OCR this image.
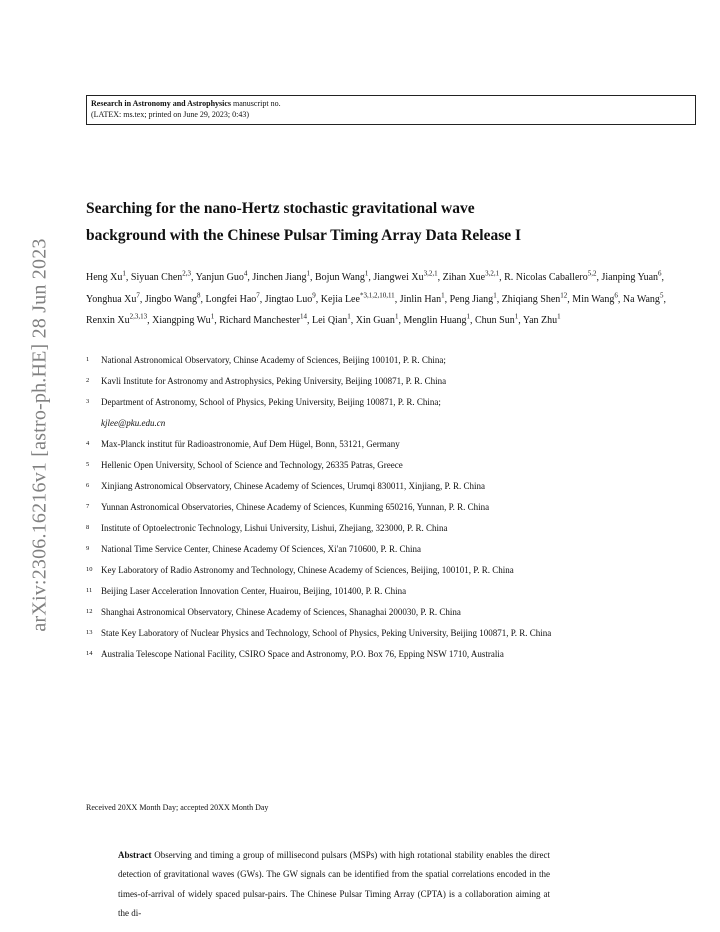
arXiv:2306.16216v1 [astro-ph.HE] 28 Jun 2023
Research in Astronomy and Astrophysics manuscript no.
(LATEX: ms.tex; printed on June 29, 2023; 0:43)
Searching for the nano-Hertz stochastic gravitational wave
background with the Chinese Pulsar Timing Array Data Release I
Heng Xu$^1$, Siyuan Chen$^{2,3}$, Yanjun Guo$^4$, Jinchen Jiang$^1$, Bojun Wang$^1$, Jiangwei Xu$^{3,2,1}$, Zihan Xue$^{3,2,1}$, R. Nicolas Caballero$^{5,2}$, Jianping Yuan$^6$, Yonghua Xu$^7$, Jingbo Wang$^8$, Longfei Hao$^7$, Jingtao Luo$^9$, Kejia Lee$^{*3,1,2,10,11}$, Jinlin Han$^1$, Peng Jiang$^1$, Zhiqiang Shen$^{12}$, Min Wang$^6$, Na Wang$^5$, Renxin Xu$^{2,3,13}$, Xiangping Wu$^1$, Richard Manchester$^{14}$, Lei Qian$^1$, Xin Guan$^1$, Menglin Huang$^1$, Chun Sun$^1$, Yan Zhu$^1$
1 National Astronomical Observatory, Chinse Academy of Sciences, Beijing 100101, P. R. China;
2 Kavli Institute for Astronomy and Astrophysics, Peking University, Beijing 100871, P. R. China
3 Department of Astronomy, School of Physics, Peking University, Beijing 100871, P. R. China;
kjlee@pku.edu.cn
4 Max-Planck institut für Radioastronomie, Auf Dem Hügel, Bonn, 53121, Germany
5 Hellenic Open University, School of Science and Technology, 26335 Patras, Greece
6 Xinjiang Astronomical Observatory, Chinese Academy of Sciences, Urumqi 830011, Xinjiang, P. R. China
7 Yunnan Astronomical Observatories, Chinese Academy of Sciences, Kunming 650216, Yunnan, P. R. China
8 Institute of Optoelectronic Technology, Lishui University, Lishui, Zhejiang, 323000, P. R. China
9 National Time Service Center, Chinese Academy Of Sciences, Xi'an 710600, P. R. China
10 Key Laboratory of Radio Astronomy and Technology, Chinese Academy of Sciences, Beijing, 100101, P. R. China
11 Beijing Laser Acceleration Innovation Center, Huairou, Beijing, 101400, P. R. China
12 Shanghai Astronomical Observatory, Chinese Academy of Sciences, Shanaghai 200030, P. R. China
13 State Key Laboratory of Nuclear Physics and Technology, School of Physics, Peking University, Beijing 100871, P. R. China
14 Australia Telescope National Facility, CSIRO Space and Astronomy, P.O. Box 76, Epping NSW 1710, Australia
Received 20XX Month Day; accepted 20XX Month Day
Abstract Observing and timing a group of millisecond pulsars (MSPs) with high rotational stability enables the direct detection of gravitational waves (GWs). The GW signals can be identified from the spatial correlations encoded in the times-of-arrival of widely spaced pulsar-pairs. The Chinese Pulsar Timing Array (CPTA) is a collaboration aiming at the di-
